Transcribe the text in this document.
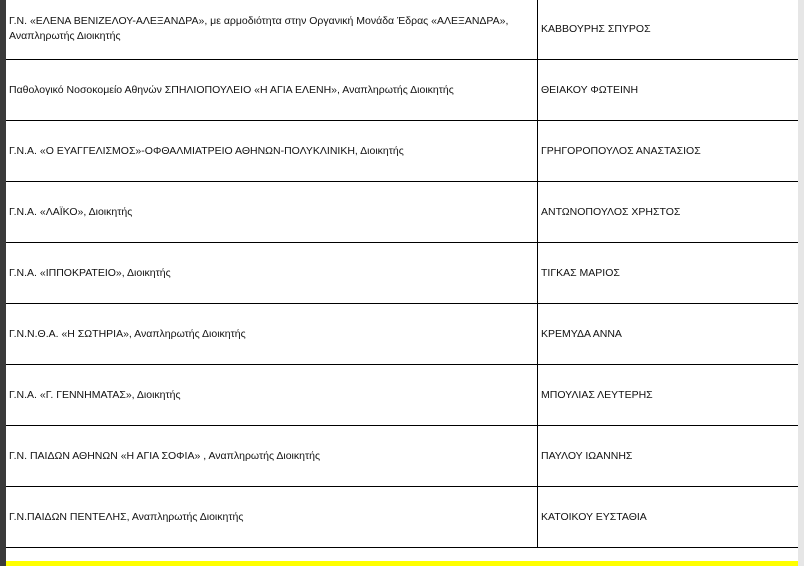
Γ.Ν. «ΕΛΕΝΑ ΒΕΝΙΖΕΛΟΥ-ΑΛΕΞΑΝΔΡΑ», με αρμοδιότητα στην Οργανική Μονάδα Έδρας «ΑΛΕΞΑΝΔΡΑ», Αναπληρωτής Διοικητής	ΚΑΒΒΟΥΡΗΣ ΣΠΥΡΟΣ
Παθολογικό Νοσοκομείο Αθηνών ΣΠΗΛΙΟΠΟΥΛΕΙΟ «Η ΑΓΙΑ ΕΛΕΝΗ», Αναπληρωτής Διοικητής	ΘΕΙΑΚΟΥ ΦΩΤΕΙΝΗ
Γ.Ν.Α. «Ο ΕΥΑΓΓΕΛΙΣΜΟΣ»-ΟΦΘΑΛΜΙΑΤΡΕΙΟ ΑΘΗΝΩΝ-ΠΟΛΥΚΛΙΝΙΚΗ, Διοικητής	ΓΡΗΓΟΡΟΠΟΥΛΟΣ ΑΝΑΣΤΑΣΙΟΣ
Γ.Ν.Α. «ΛΑΪΚΟ», Διοικητής	ΑΝΤΩΝΟΠΟΥΛΟΣ ΧΡΗΣΤΟΣ
Γ.Ν.Α. «ΙΠΠΟΚΡΑΤΕΙΟ», Διοικητής	ΤΙΓΚΑΣ ΜΑΡΙΟΣ
Γ.Ν.Ν.Θ.Α. «Η ΣΩΤΗΡΙΑ», Αναπληρωτής Διοικητής	ΚΡΕΜΥΔΑ ΑΝΝΑ
Γ.Ν.Α. «Γ. ΓΕΝΝΗΜΑΤΑΣ», Διοικητής	ΜΠΟΥΛΙΑΣ ΛΕΥΤΕΡΗΣ
Γ.Ν. ΠΑΙΔΩΝ ΑΘΗΝΩΝ «Η ΑΓΙΑ ΣΟΦΙΑ» , Αναπληρωτής Διοικητής	ΠΑΥΛΟΥ ΙΩΑΝΝΗΣ
Γ.Ν.ΠΑΙΔΩΝ ΠΕΝΤΕΛΗΣ, Αναπληρωτής Διοικητής	ΚΑΤΟΙΚΟΥ ΕΥΣΤΑΘΙΑ
